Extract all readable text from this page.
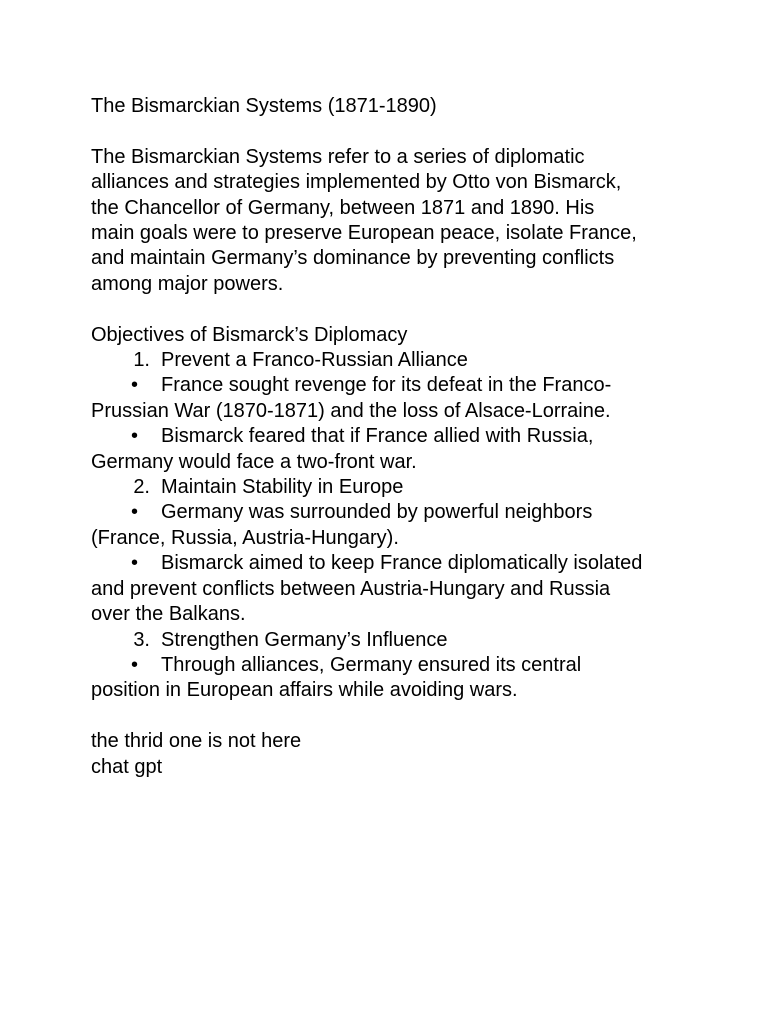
The Bismarckian Systems (1871-1890)

The Bismarckian Systems refer to a series of diplomatic

alliances and strategies implemented by Otto von Bismarck,

the Chancellor of Germany, between 1871 and 1890. His

main goals were to preserve European peace, isolate France,

and maintain Germany’s dominance by preventing conflicts

among major powers.

Objectives of Bismarck’s Diplomacy

1. Prevent a Franco-Russian Alliance

• France sought revenge for its defeat in the Franco-

Prussian War (1870-1871) and the loss of Alsace-Lorraine.

• Bismarck feared that if France allied with Russia,

Germany would face a two-front war.

2. Maintain Stability in Europe

• Germany was surrounded by powerful neighbors

(France, Russia, Austria-Hungary).

• Bismarck aimed to keep France diplomatically isolated

and prevent conflicts between Austria-Hungary and Russia

over the Balkans.

3. Strengthen Germany’s Influence

• Through alliances, Germany ensured its central

position in European affairs while avoiding wars.

the thrid one is not here

chat gpt
